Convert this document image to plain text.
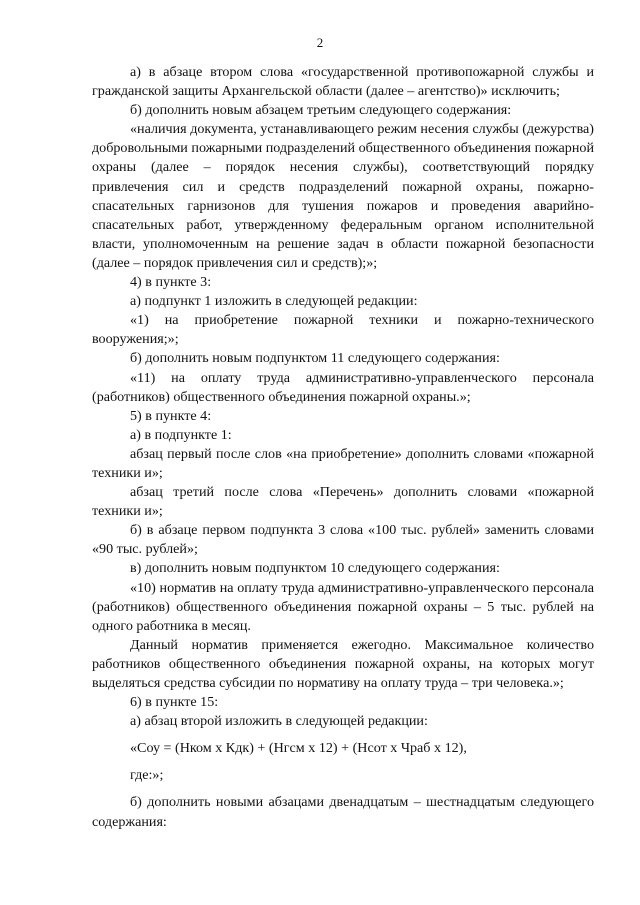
2

а) в абзаце втором слова «государственной противопожарной службы и гражданской защиты Архангельской области (далее – агентство)» исключить;

б) дополнить новым абзацем третьим следующего содержания:

«наличия документа, устанавливающего режим несения службы (дежурства) добровольными пожарными подразделений общественного объединения пожарной охраны (далее – порядок несения службы), соответствующий порядку привлечения сил и средств подразделений пожарной охраны, пожарно-спасательных гарнизонов для тушения пожаров и проведения аварийно-спасательных работ, утвержденному федеральным органом исполнительной власти, уполномоченным на решение задач в области пожарной безопасности (далее – порядок привлечения сил и средств);»;

4) в пункте 3:

а) подпункт 1 изложить в следующей редакции:

«1) на приобретение пожарной техники и пожарно-технического вооружения;»;

б) дополнить новым подпунктом 11 следующего содержания:

«11) на оплату труда административно-управленческого персонала (работников) общественного объединения пожарной охраны.»;

5) в пункте 4:

а) в подпункте 1:

абзац первый после слов «на приобретение» дополнить словами «пожарной техники и»;

абзац третий после слова «Перечень» дополнить словами «пожарной техники и»;

б) в абзаце первом подпункта 3 слова «100 тыс. рублей» заменить словами «90 тыс. рублей»;

в) дополнить новым подпунктом 10 следующего содержания:

«10) норматив на оплату труда административно-управленческого персонала (работников) общественного объединения пожарной охраны – 5 тыс. рублей на одного работника в месяц.

Данный норматив применяется ежегодно. Максимальное количество работников общественного объединения пожарной охраны, на которых могут выделяться средства субсидии по нормативу на оплату труда – три человека.»;

6) в пункте 15:

а) абзац второй изложить в следующей редакции:

«Соу = (Нком х Кдк) + (Нгсм х 12) + (Нсот х Чраб х 12),

где:»;

б) дополнить новыми абзацами двенадцатым – шестнадцатым следующего содержания:
